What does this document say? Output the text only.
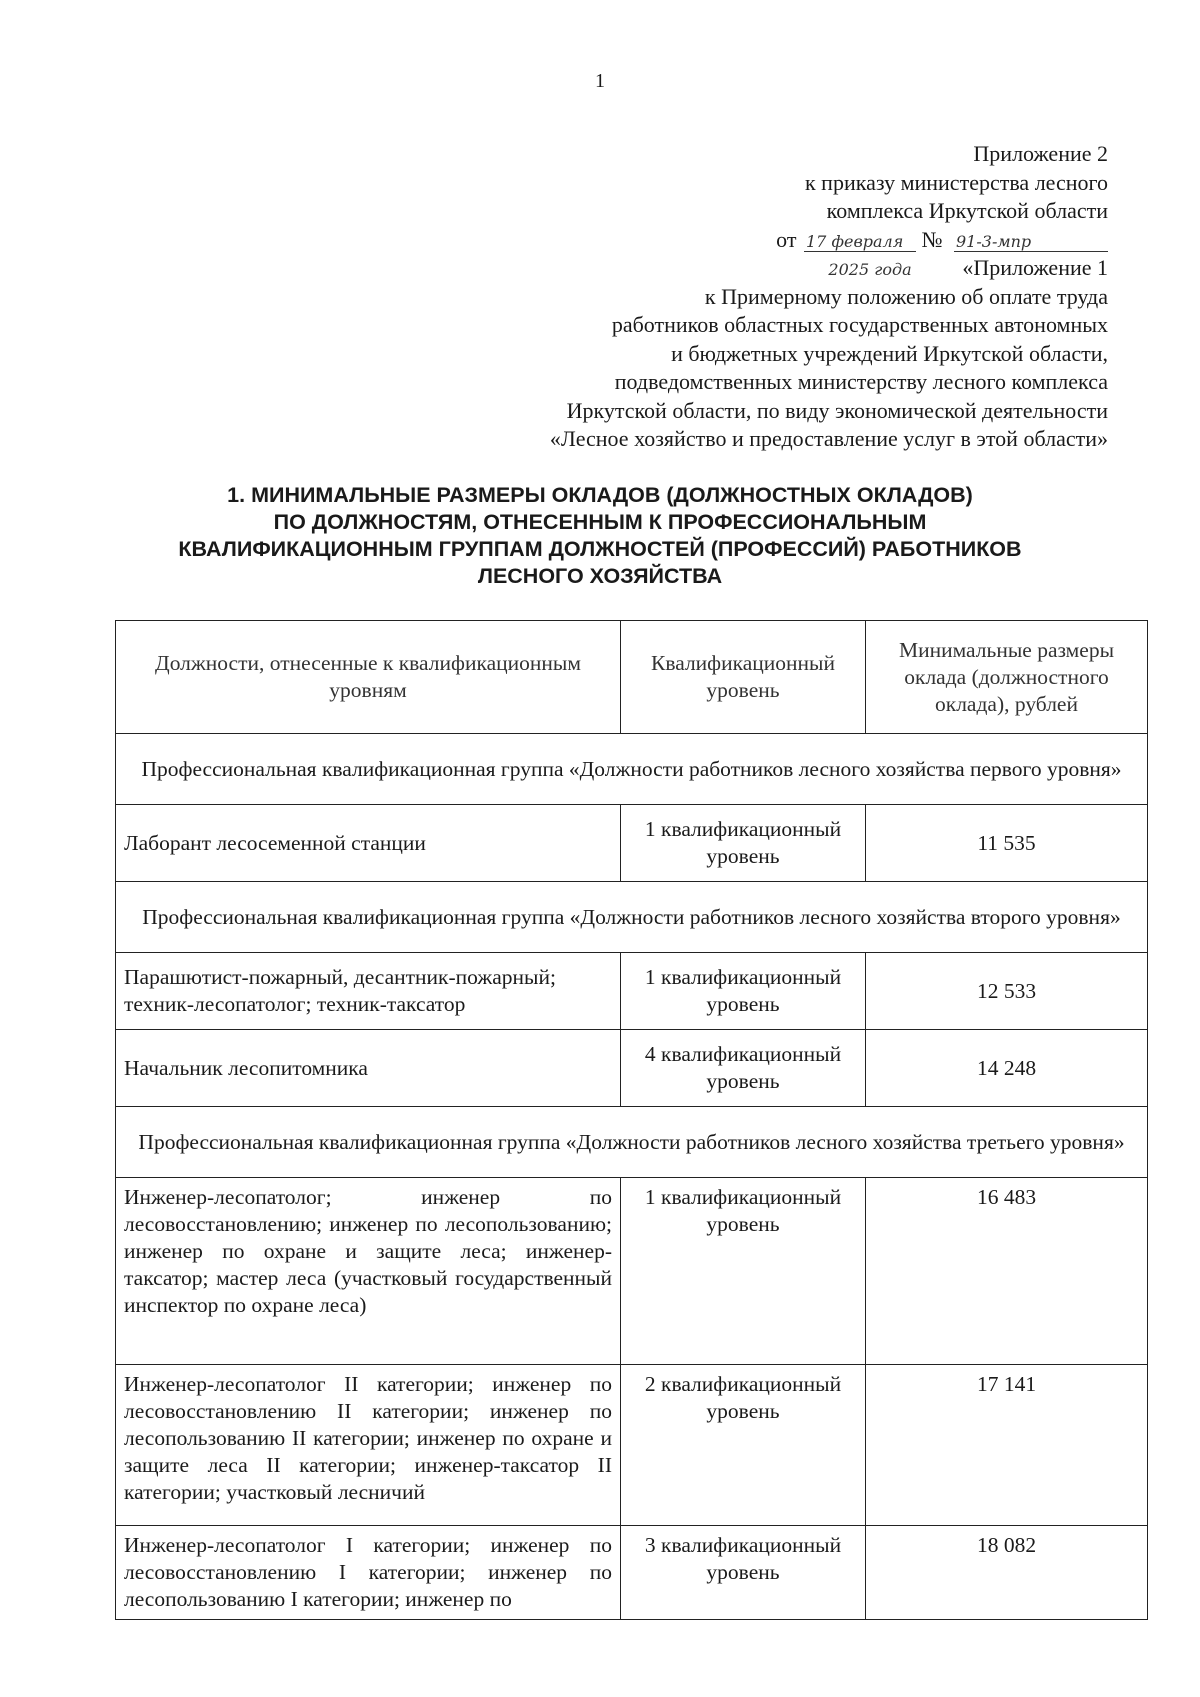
1
Приложение 2
к приказу министерства лесного
комплекса Иркутской области
от 17 февраля № 91-3-мпр
2025 года «Приложение 1
к Примерному положению об оплате труда
работников областных государственных автономных
и бюджетных учреждений Иркутской области,
подведомственных министерству лесного комплекса
Иркутской области, по виду экономической деятельности
«Лесное хозяйство и предоставление услуг в этой области»
1. МИНИМАЛЬНЫЕ РАЗМЕРЫ ОКЛАДОВ (ДОЛЖНОСТНЫХ ОКЛАДОВ)
ПО ДОЛЖНОСТЯМ, ОТНЕСЕННЫМ К ПРОФЕССИОНАЛЬНЫМ
КВАЛИФИКАЦИОННЫМ ГРУППАМ ДОЛЖНОСТЕЙ (ПРОФЕССИЙ) РАБОТНИКОВ
ЛЕСНОГО ХОЗЯЙСТВА
Должности, отнесенные к квалификационным уровням	Квалификационный уровень	Минимальные размеры оклада (должностного оклада), рублей
Профессиональная квалификационная группа «Должности работников лесного хозяйства первого уровня»		
Лаборант лесосеменной станции	1 квалификационный уровень	11 535
Профессиональная квалификационная группа «Должности работников лесного хозяйства второго уровня»		
Парашютист-пожарный, десантник-пожарный; техник-лесопатолог; техник-таксатор	1 квалификационный уровень	12 533
Начальник лесопитомника	4 квалификационный уровень	14 248
Профессиональная квалификационная группа «Должности работников лесного хозяйства третьего уровня»		
Инженер-лесопатолог; инженер по лесовосстановлению; инженер по лесопользованию; инженер по охране и защите леса; инженер-таксатор; мастер леса (участковый государственный инспектор по охране леса)	1 квалификационный уровень	16 483
Инженер-лесопатолог II категории; инженер по лесовосстановлению II категории; инженер по лесопользованию II категории; инженер по охране и защите леса II категории; инженер-таксатор II категории; участковый лесничий	2 квалификационный уровень	17 141
Инженер-лесопатолог I категории; инженер по лесовосстановлению I категории; инженер по лесопользованию I категории; инженер по	3 квалификационный уровень	18 082
